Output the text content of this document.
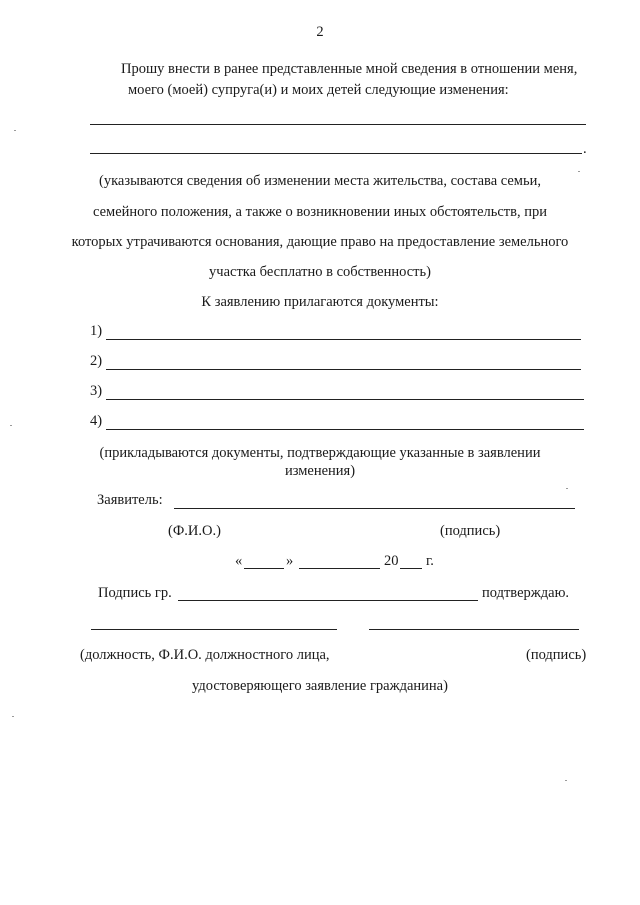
2
Прошу внести в ранее представленные мной сведения в отношении меня,
моего (моей) супруга(и) и моих детей следующие изменения:
.
(указываются сведения об изменении места жительства, состава семьи,
семейного положения, а также о возникновении иных обстоятельств, при
которых утрачиваются основания, дающие право на предоставление земельного
участка бесплатно в собственность)
К заявлению прилагаются документы:
1)
2)
3)
4)
(прикладываются документы, подтверждающие указанные в заявлении
изменения)
Заявитель:
(Ф.И.О.)	(подпись)
«	»	20 г.
Подпись гр.	подтверждаю.
(должность, Ф.И.О. должностного лица,	(подпись)
удостоверяющего заявление гражданина)
